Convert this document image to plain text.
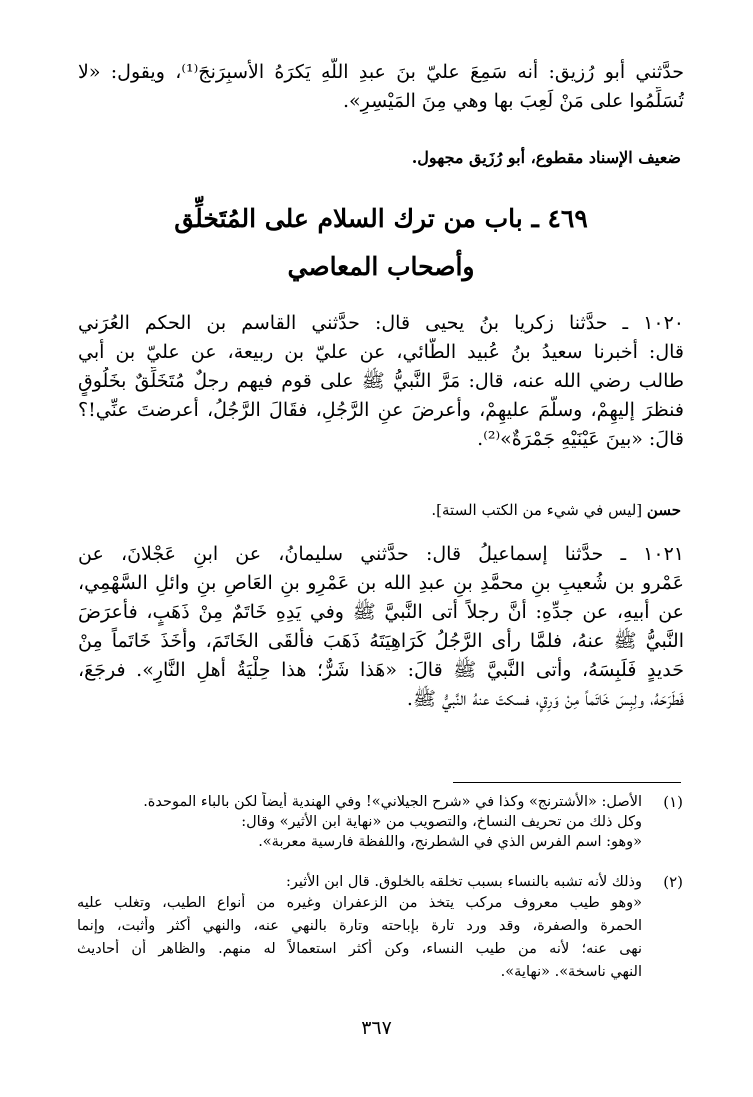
حدَّثني أبو رُزيق: أنه سَمِعَ عليّ بنَ عبدِ اللّهِ يَكرَهُ الأسبِرَنجَ⁽¹⁾، ويقول: «لا
تُسَلِّمُوا على مَنْ لَعِبَ بها وهي مِنَ المَيْسِرِ».
ضعيف الإسناد مقطوع، أبو رُزَيق مجهول.
٤٦٩ ـ باب من ترك السلام على المُتَخلِّق
وأصحاب المعاصي
١٠٢٠ ـ حدَّثنا زكريا بنُ يحيى قال: حدَّثني القاسم بن الحكم العُرَني
قال: أخبرنا سعيدُ بنُ عُبيد الطَّائي، عن عليّ بن ربيعة، عن عليّ بن أبي
طالب رضي الله عنه، قال: مَرَّ النَّبيُّ ﷺ على قوم فيهم رجلٌ مُتَخَلِّقٌ بخَلُوقٍ
فنظرَ إليهِمْ، وسلَّمَ عليهِمْ، وأعرضَ عنِ الرَّجُلِ، فقَالَ الرَّجُلُ، أعرضتَ عنِّي!؟
قالَ: «بينَ عَيْنَيْهِ جَمْرَةٌ»⁽²⁾.
حسن [ليس في شيء من الكتب الستة].
١٠٢١ ـ حدَّثنا إسماعيلُ قال: حدَّثني سليمانُ، عن ابنِ عَجْلانَ، عن
عَمْرو بن شُعيبِ بنِ محمَّدِ بنِ عبدِ الله بن عَمْرِو بنِ العَاصِ بنِ وائلِ السَّهْمِي،
عن أبيهِ، عن جدِّهِ: أنَّ رجلاً أتى النَّبيَّ ﷺ وفي يَدِهِ خَاتَمٌ مِنْ ذَهَبٍ، فأَعرَضَ
النَّبيُّ ﷺ عنهُ، فلمَّا رأى الرَّجُلُ كَرَاهِيَتَهُ ذَهَبَ فألقَى الخَاتَمَ، وأَخَذَ خَاتَماً مِنْ
حَديدٍ فَلَبِسَهُ، وأتى النَّبيَّ ﷺ قالَ: «هَذا شَرٌّ؛ هذا حِلْيَةُ أهلِ النَّارِ». فرجَعَ،
فَطَرَحَهُ، ولِبِسَ خَاتَماً مِنْ وَرِقٍ، فسكتَ عنهُ النَّبيُّ ﷺ.
(١)
الأصل: «الأشترنج» وكذا في «شرح الجيلاني»! وفي الهندية أيضاً لكن بالباء الموحدة.
وكل ذلك من تحريف النساخ، والتصويب من «نهاية ابن الأثير» وقال:
«وهو: اسم الفرس الذي في الشطرنج، واللفظة فارسية معربة».
(٢)
وذلك لأنه تشبه بالنساء بسبب تخلقه بالخلوق. قال ابن الأثير:
«وهو طيب معروف مركب يتخذ من الزعفران وغيره من أنواع الطيب، وتغلب عليه
الحمرة والصفرة، وقد ورد تارة بإباحته وتارة بالنهي عنه، والنهي أكثر وأثبت، وإنما
نهى عنه؛ لأنه من طيب النساء، وكن أكثر استعمالاً له منهم. والظاهر أن أحاديث
النهي ناسخة». «نهاية».
٣٦٧
